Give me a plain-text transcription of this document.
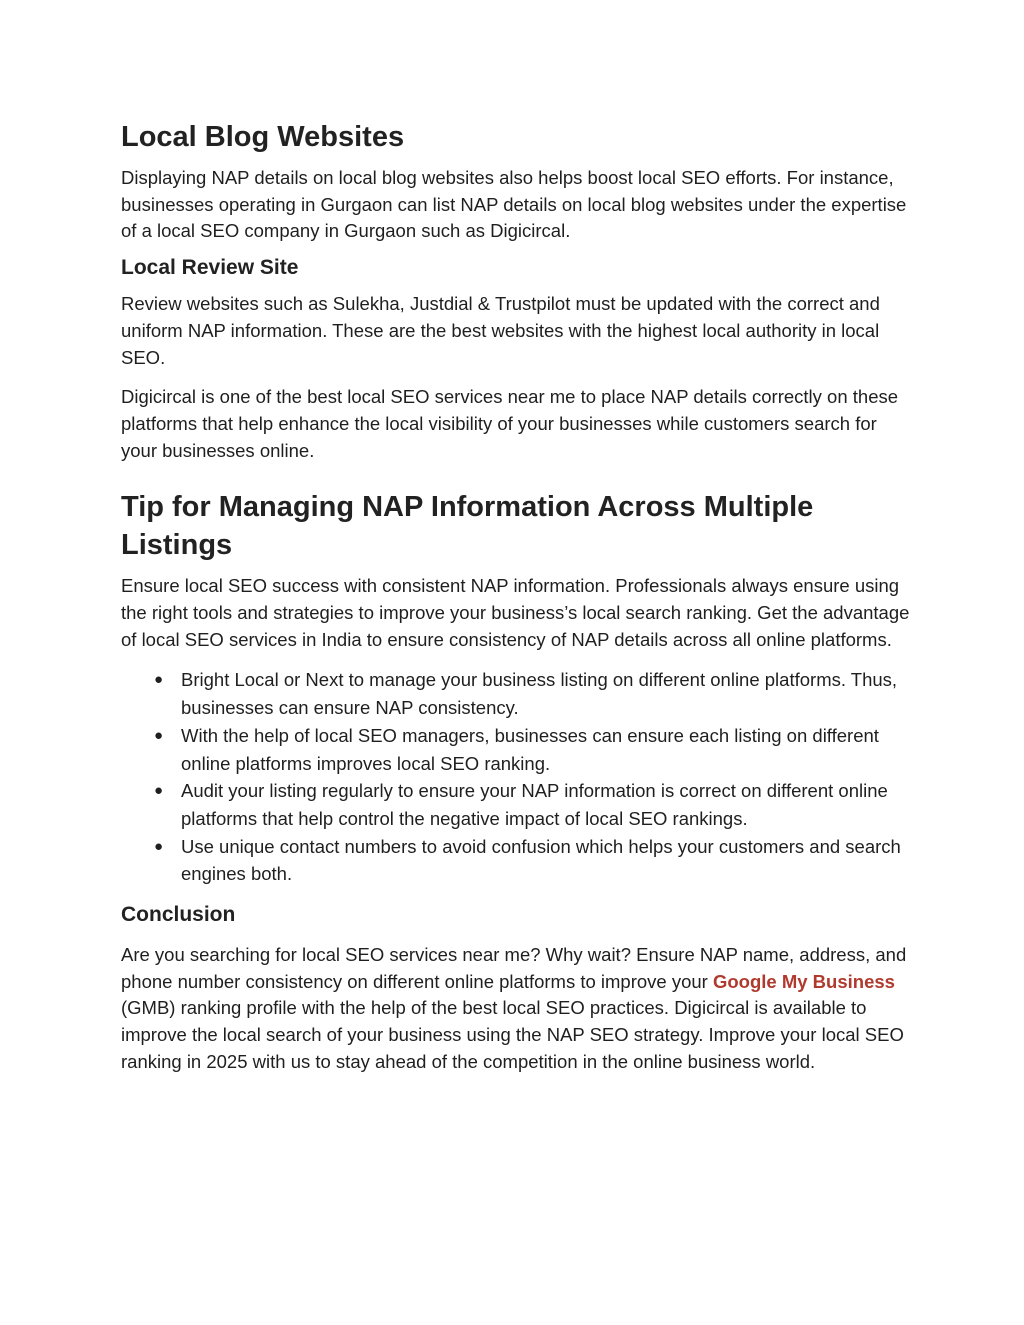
Local Blog Websites

Displaying NAP details on local blog websites also helps boost local SEO efforts. For instance, businesses operating in Gurgaon can list NAP details on local blog websites under the expertise of a local SEO company in Gurgaon such as Digicircal.

Local Review Site

Review websites such as Sulekha, Justdial & Trustpilot must be updated with the correct and uniform NAP information. These are the best websites with the highest local authority in local SEO.

Digicircal is one of the best local SEO services near me to place NAP details correctly on these platforms that help enhance the local visibility of your businesses while customers search for your businesses online.

Tip for Managing NAP Information Across Multiple Listings

Ensure local SEO success with consistent NAP information. Professionals always ensure using the right tools and strategies to improve your business’s local search ranking. Get the advantage of local SEO services in India to ensure consistency of NAP details across all online platforms.

● Bright Local or Next to manage your business listing on different online platforms. Thus, businesses can ensure NAP consistency.
● With the help of local SEO managers, businesses can ensure each listing on different online platforms improves local SEO ranking.
● Audit your listing regularly to ensure your NAP information is correct on different online platforms that help control the negative impact of local SEO rankings.
● Use unique contact numbers to avoid confusion which helps your customers and search engines both.
Conclusion

Are you searching for local SEO services near me? Why wait? Ensure NAP name, address, and phone number consistency on different online platforms to improve your Google My Business (GMB) ranking profile with the help of the best local SEO practices. Digicircal is available to improve the local search of your business using the NAP SEO strategy. Improve your local SEO ranking in 2025 with us to stay ahead of the competition in the online business world.
